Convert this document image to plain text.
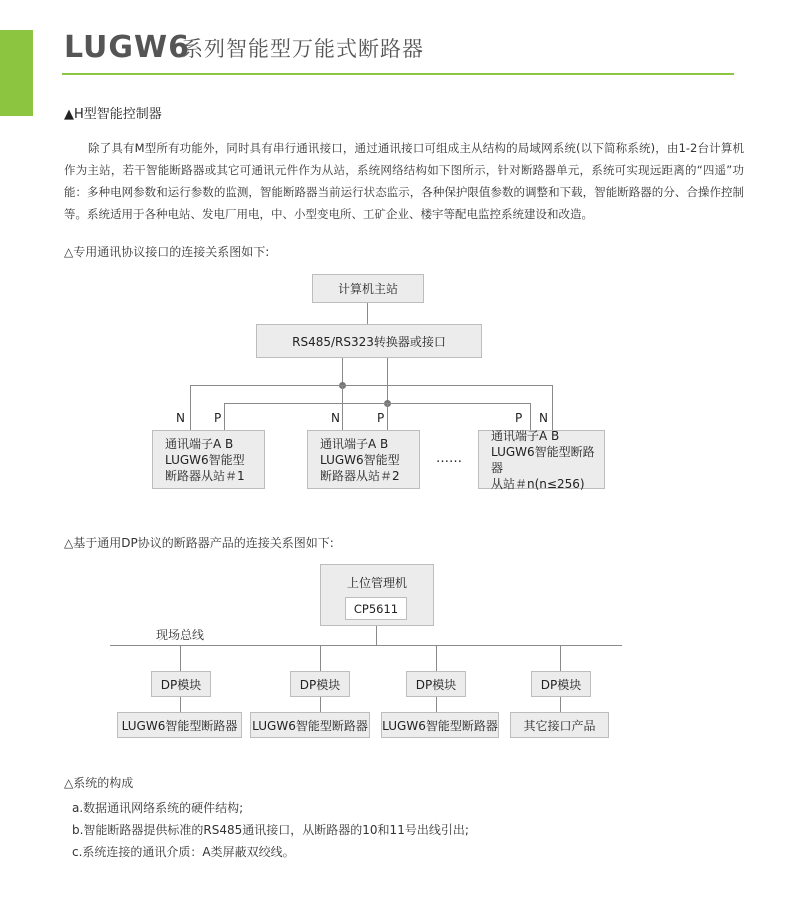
LUGW6
系列智能型万能式断路器
▲H型智能控制器
除了具有M型所有功能外，同时具有串行通讯接口，通过通讯接口可组成主从结构的局域网系统(以下简称系统)，由1-2台计算机作为主站，若干智能断路器或其它可通讯元件作为从站，系统网络结构如下图所示，针对断路器单元，系统可实现远距离的“四遥”功能：多种电网参数和运行参数的监测，智能断路器当前运行状态监示，各种保护限值参数的调整和下载，智能断路器的分、合操作控制等。系统适用于各种电站、发电厂用电，中、小型变电所、工矿企业、楼宇等配电监控系统建设和改造。
△专用通讯协议接口的连接关系图如下:
计算机主站
RS485/RS323转换器或接口
N P	N	P	P N
通讯端子A B
LUGW6智能型
断路器从站＃1
通讯端子A B
LUGW6智能型
断路器从站＃2
……
通讯端子A B
LUGW6智能型断路器
从站＃n(n≤256)
△基于通用DP协议的断路器产品的连接关系图如下:
上位管理机
CP5611
现场总线
DP模块	DP模块	DP模块	DP模块
LUGW6智能型断路器	LUGW6智能型断路器 LUGW6智能型断路器	其它接口产品
△系统的构成
a.数据通讯网络系统的硬件结构;
b.智能断路器提供标准的RS485通讯接口，从断路器的10和11号出线引出;
c.系统连接的通讯介质：A类屏蔽双绞线。
